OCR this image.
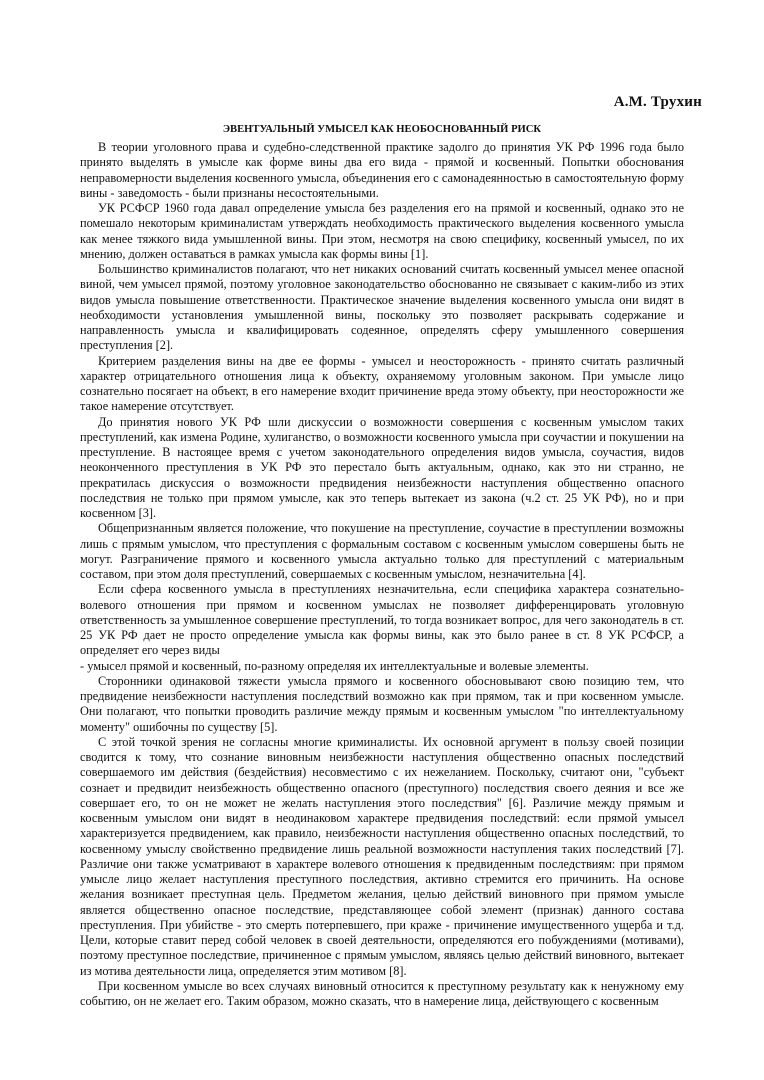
А.М. Трухин
ЭВЕНТУАЛЬНЫЙ УМЫСЕЛ КАК НЕОБОСНОВАННЫЙ РИСК

В теории уголовного права и судебно-следственной практике задолго до принятия УК РФ 1996 года было принято выделять в умысле как форме вины два его вида - прямой и косвенный. Попытки обоснования неправомерности выделения косвенного умысла, объединения его с самонадеянностью в самостоятельную форму вины - заведомость - были признаны несостоятельными.

УК РСФСР 1960 года давал определение умысла без разделения его на прямой и косвенный, однако это не помешало некоторым криминалистам утверждать необходимость практического выделения косвенного умысла как менее тяжкого вида умышленной вины. При этом, несмотря на свою специфику, косвенный умысел, по их мнению, должен оставаться в рамках умысла как формы вины [1].

Большинство криминалистов полагают, что нет никаких оснований считать косвенный умысел менее опасной виной, чем умысел прямой, поэтому уголовное законодательство обоснованно не связывает с каким-либо из этих видов умысла повышение ответственности. Практическое значение выделения косвенного умысла они видят в необходимости установления умышленной вины, поскольку это позволяет раскрывать содержание и направленность умысла и квалифицировать содеянное, определять сферу умышленного совершения преступления [2].

Критерием разделения вины на две ее формы - умысел и неосторожность - принято считать различный характер отрицательного отношения лица к объекту, охраняемому уголовным законом. При умысле лицо сознательно посягает на объект, в его намерение входит причинение вреда этому объекту, при неосторожности же такое намерение отсутствует.

До принятия нового УК РФ шли дискуссии о возможности совершения с косвенным умыслом таких преступлений, как измена Родине, хулиганство, о возможности косвенного умысла при соучастии и покушении на преступление. В настоящее время с учетом законодательного определения видов умысла, соучастия, видов неоконченного преступления в УК РФ это перестало быть актуальным, однако, как это ни странно, не прекратилась дискуссия о возможности предвидения неизбежности наступления общественно опасного последствия не только при прямом умысле, как это теперь вытекает из закона (ч.2 ст. 25 УК РФ), но и при косвенном [3].

Общепризнанным является положение, что покушение на преступление, соучастие в преступлении возможны лишь с прямым умыслом, что преступления с формальным составом с косвенным умыслом совершены быть не могут. Разграничение прямого и косвенного умысла актуально только для преступлений с материальным составом, при этом доля преступлений, совершаемых с косвенным умыслом, незначительна [4].

Если сфера косвенного умысла в преступлениях незначительна, если специфика характера сознательно-волевого отношения при прямом и косвенном умыслах не позволяет дифференцировать уголовную ответственность за умышленное совершение преступлений, то тогда возникает вопрос, для чего законодатель в ст. 25 УК РФ дает не просто определение умысла как формы вины, как это было ранее в ст. 8 УК РСФСР, а определяет его через виды

- умысел прямой и косвенный, по-разному определяя их интеллектуальные и волевые элементы.

Сторонники одинаковой тяжести умысла прямого и косвенного обосновывают свою позицию тем, что предвидение неизбежности наступления последствий возможно как при прямом, так и при косвенном умысле. Они полагают, что попытки проводить различие между прямым и косвенным умыслом "по интеллектуальному моменту" ошибочны по существу [5].

С этой точкой зрения не согласны многие криминалисты. Их основной аргумент в пользу своей позиции сводится к тому, что сознание виновным неизбежности наступления общественно опасных последствий совершаемого им действия (бездействия) несовместимо с их нежеланием. Поскольку, считают они, "субъект сознает и предвидит неизбежность общественно опасного (преступного) последствия своего деяния и все же совершает его, то он не может не желать наступления этого последствия" [6]. Различие между прямым и косвенным умыслом они видят в неодинаковом характере предвидения последствий: если прямой умысел характеризуется предвидением, как правило, неизбежности наступления общественно опасных последствий, то косвенному умыслу свойственно предвидение лишь реальной возможности наступления таких последствий [7]. Различие они также усматривают в характере волевого отношения к предвиденным последствиям: при прямом умысле лицо желает наступления преступного последствия, активно стремится его причинить. На основе желания возникает преступная цель. Предметом желания, целью действий виновного при прямом умысле является общественно опасное последствие, представляющее собой элемент (признак) данного состава преступления. При убийстве - это смерть потерпевшего, при краже - причинение имущественного ущерба и т.д. Цели, которые ставит перед собой человек в своей деятельности, определяются его побуждениями (мотивами), поэтому преступное последствие, причиненное с прямым умыслом, являясь целью действий виновного, вытекает из мотива деятельности лица, определяется этим мотивом [8].

При косвенном умысле во всех случаях виновный относится к преступному результату как к ненужному ему событию, он не желает его. Таким образом, можно сказать, что в намерение лица, действующего с косвенным
